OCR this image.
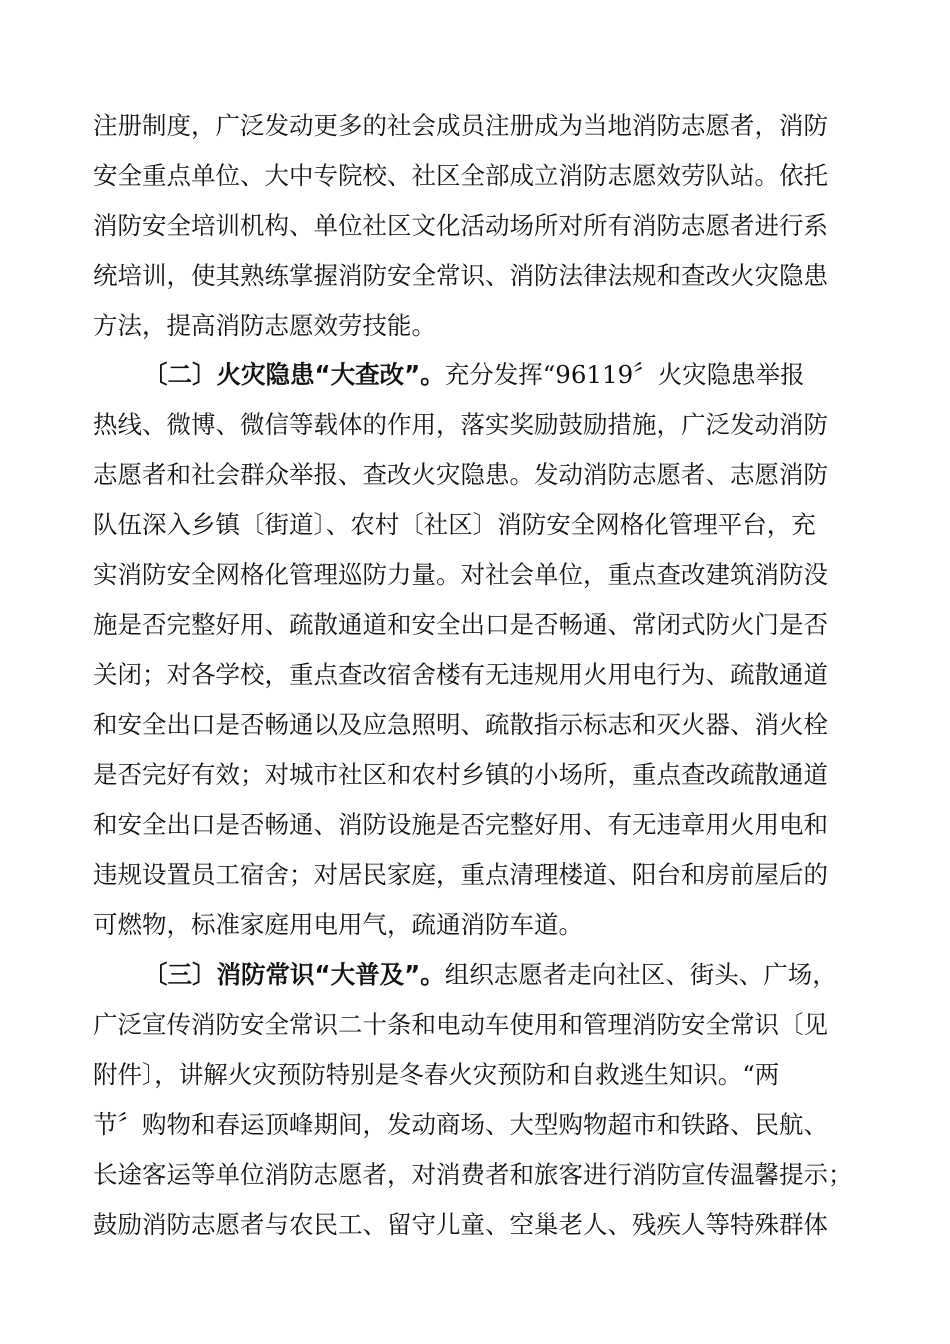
注册制度，广泛发动更多的社会成员注册成为当地消防志愿者，消防
安全重点单位、大中专院校、社区全部成立消防志愿效劳队站。依托
消防安全培训机构、单位社区文化活动场所对所有消防志愿者进行系
统培训，使其熟练掌握消防安全常识、消防法律法规和查改火灾隐患
方法，提高消防志愿效劳技能。
〔二〕火灾隐患“大查改”。充分发挥“96119〞火灾隐患举报
热线、微博、微信等载体的作用，落实奖励鼓励措施，广泛发动消防
志愿者和社会群众举报、查改火灾隐患。发动消防志愿者、志愿消防
队伍深入乡镇〔街道〕、农村〔社区〕消防安全网格化管理平台，充
实消防安全网格化管理巡防力量。对社会单位，重点查改建筑消防没
施是否完整好用、疏散通道和安全出口是否畅通、常闭式防火门是否
关闭；对各学校，重点查改宿舍楼有无违规用火用电行为、疏散通道
和安全出口是否畅通以及应急照明、疏散指示标志和灭火器、消火栓
是否完好有效；对城市社区和农村乡镇的小场所，重点查改疏散通道
和安全出口是否畅通、消防设施是否完整好用、有无违章用火用电和
违规设置员工宿舍；对居民家庭，重点清理楼道、阳台和房前屋后的
可燃物，标准家庭用电用气，疏通消防车道。
〔三〕消防常识“大普及”。组织志愿者走向社区、街头、广场，
广泛宣传消防安全常识二十条和电动车使用和管理消防安全常识〔见
附件〕，讲解火灾预防特别是冬春火灾预防和自救逃生知识。“两
节〞购物和春运顶峰期间，发动商场、大型购物超市和铁路、民航、
长途客运等单位消防志愿者，对消费者和旅客进行消防宣传温馨提示；
鼓励消防志愿者与农民工、留守儿童、空巢老人、残疾人等特殊群体
